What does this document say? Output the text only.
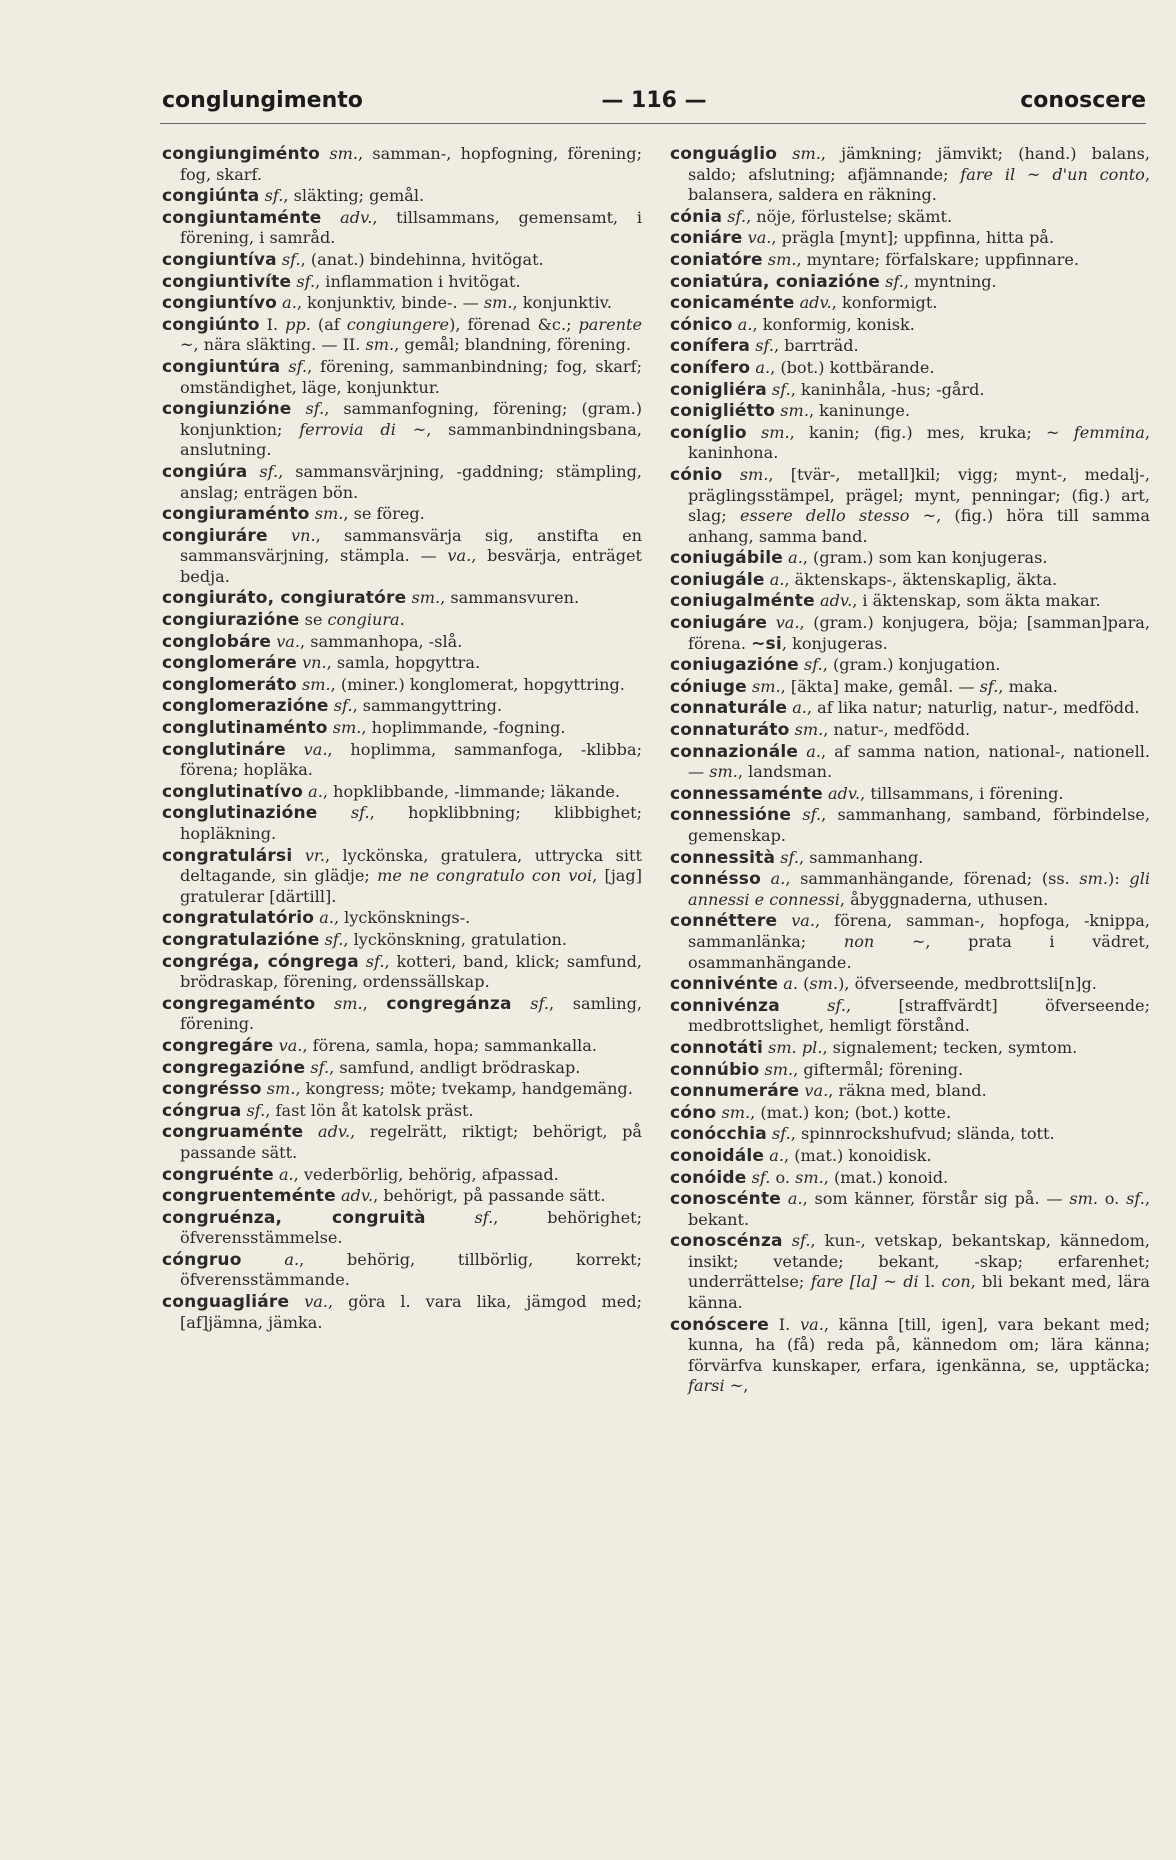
conglungimento	— 116 —	conoscere

congiungiménto sm., samman-, hopfogning, förening; fog, skarf.

congiúnta sf., släkting; gemål.

congiuntaménte adv., tillsammans, gemensamt, i förening, i samråd.

congiuntíva sf., (anat.) bindehinna, hvitögat.

congiuntivíte sf., inflammation i hvitögat.

congiuntívo a., konjunktiv, binde-. — sm., konjunktiv.

congiúnto I. pp. (af congiungere), förenad &c.; parente ~, nära släkting. — II. sm., gemål; blandning, förening.

congiuntúra sf., förening, sammanbindning; fog, skarf; omständighet, läge, konjunktur.

congiunzióne sf., sammanfogning, förening; (gram.) konjunktion; ferrovia di ~, sammanbindningsbana, anslutning.

congiúra sf., sammansvärjning, -gaddning; stämpling, anslag; enträgen bön.

congiuraménto sm., se föreg.

congiuráre vn., sammansvärja sig, anstifta en sammansvärjning, stämpla. — va., besvärja, enträget bedja.

congiuráto, congiuratóre sm., sammansvuren.

congiurazióne se congiura.

conglobáre va., sammanhopa, -slå.

conglomeráre vn., samla, hopgyttra.

conglomeráto sm., (miner.) konglomerat, hopgyttring.

conglomerazióne sf., sammangyttring.

conglutinaménto sm., hoplimmande, -fogning.

conglutináre va., hoplimma, sammanfoga, -klibba; förena; hopläka.

conglutinatívo a., hopklibbande, -limmande; läkande.

conglutinazióne sf., hopklibbning; klibbighet; hopläkning.

congratulársi vr., lyckönska, gratulera, uttrycka sitt deltagande, sin glädje; me ne congratulo con voi, [jag] gratulerar [därtill].

congratulatório a., lyckönsknings-.

congratulazióne sf., lyckönskning, gratulation.

congréga, cóngrega sf., kotteri, band, klick; samfund, brödraskap, förening, ordenssällskap.

congregaménto sm., congregánza sf., samling, förening.

congregáre va., förena, samla, hopa; sammankalla.

congregazióne sf., samfund, andligt brödraskap.

congrésso sm., kongress; möte; tvekamp, handgemäng.

cóngrua sf., fast lön åt katolsk präst.

congruaménte adv., regelrätt, riktigt; behörigt, på passande sätt.

congruénte a., vederbörlig, behörig, afpassad.

congruenteménte adv., behörigt, på passande sätt.

congruénza, congruità	sf., behörighet; öfverensstämmelse.

cóngruo	a., behörig, tillbörlig, korrekt; öfverensstämmande.

conguagliáre va., göra l. vara lika, jämgod med; [af]jämna, jämka.

conguáglio sm., jämkning; jämvikt; (hand.) balans, saldo; afslutning; afjämnande; fare il ~ d'un conto, balansera, saldera en räkning.

cónia sf., nöje, förlustelse; skämt.

coniáre va., prägla [mynt]; uppfinna, hitta på.

coniatóre sm., myntare; förfalskare; uppfinnare.

coniatúra, coniazióne sf., myntning.

conicaménte adv., konformigt.

cónico a., konformig, konisk.

conífera sf., barrträd.

conífero a., (bot.) kottbärande.

conigliéra sf., kaninhåla, -hus; -gård.

conigliétto sm., kaninunge.

coníglio sm., kanin; (fig.) mes, kruka; ~ femmina, kaninhona.

cónio sm., [tvär-, metall]kil; vigg; mynt-, medalj-, präglingsstämpel, prägel; mynt, penningar; (fig.) art, slag; essere dello stesso ~, (fig.) höra till samma anhang, samma band.

coniugábile a., (gram.) som kan konjugeras.

coniugále a., äktenskaps-, äktenskaplig, äkta.

coniugalménte adv., i äktenskap, som äkta makar.

coniugáre va., (gram.) konjugera, böja; [samman]para, förena. ~si, konjugeras.

coniugazióne sf., (gram.) konjugation.

cóniuge sm., [äkta] make, gemål. — sf., maka.

connaturále a., af lika natur; naturlig, natur-, medfödd.

connaturáto sm., natur-, medfödd.

connazionále a., af samma nation, national-, nationell. — sm., landsman.

connessaménte adv., tillsammans, i förening.

connessióne sf., sammanhang, samband, förbindelse, gemenskap.

connessità sf., sammanhang.

connésso a., sammanhängande, förenad; (ss. sm.): gli annessi e connessi, åbyggnaderna, uthusen.

connéttere va., förena, samman-, hopfoga, -knippa, sammanlänka; non ~, prata i vädret, osammanhängande.

connivénte a. (sm.), öfverseende, medbrottsli[n]g.

connivénza	sf., [straffvärdt] öfverseende; medbrottslighet, hemligt förstånd.

connotáti sm. pl., signalement; tecken, symtom.

connúbio sm., giftermål; förening.

connumeráre va., räkna med, bland.

cóno sm., (mat.) kon; (bot.) kotte.

conócchia sf., spinnrockshufvud; slända, tott.

conoidále a., (mat.) konoidisk.

conóide sf. o. sm., (mat.) konoid.

conoscénte a., som känner, förstår sig på. — sm. o. sf., bekant.

conoscénza sf., kun-, vetskap, bekantskap, kännedom, insikt; vetande; bekant, -skap; erfarenhet; underrättelse; fare [la] ~ di l. con, bli bekant med, lära känna.

conóscere I. va., känna [till, igen], vara bekant med; kunna, ha (få) reda på, kännedom om; lära känna; förvärfva kunskaper, erfara, igenkänna, se, upptäcka; farsi ~,
